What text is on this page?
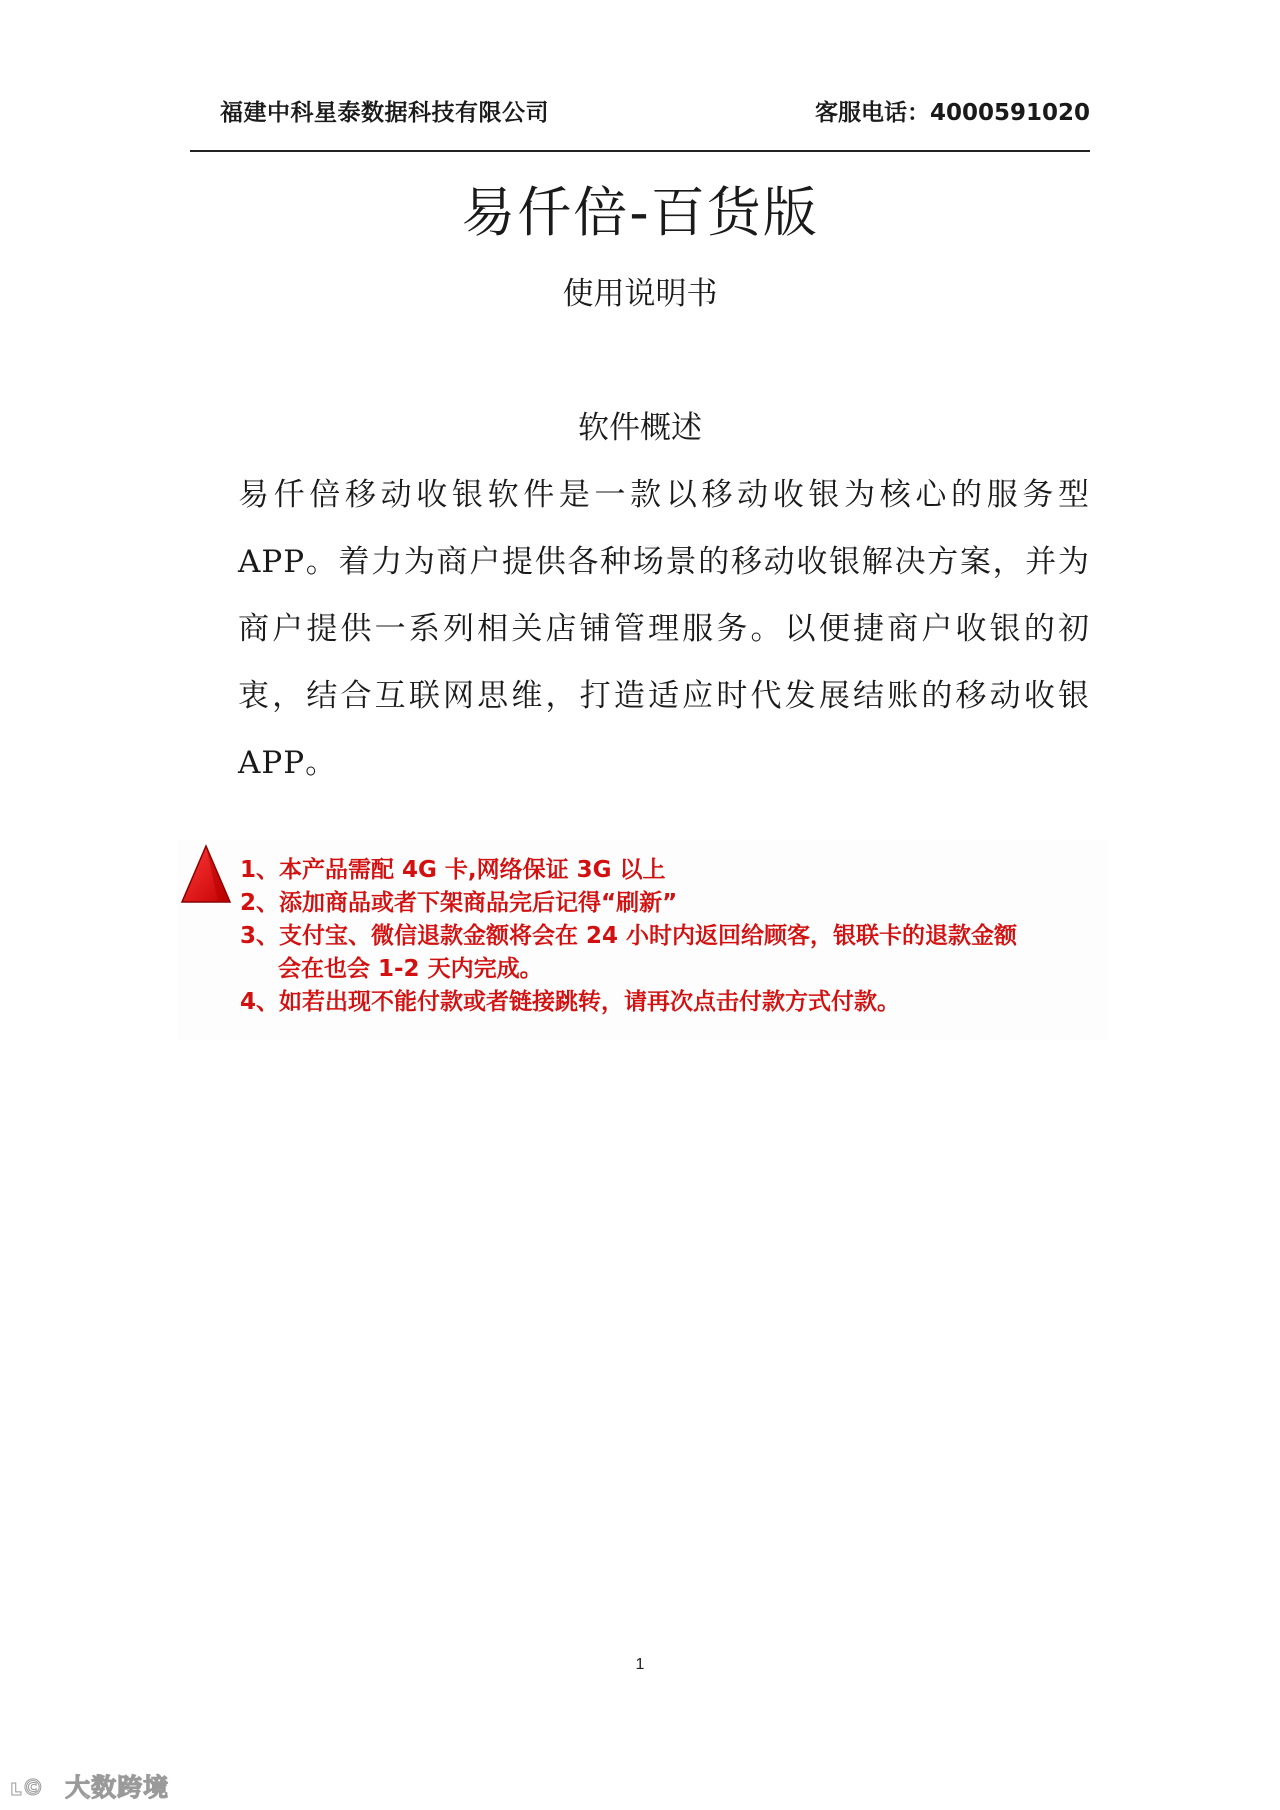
福建中科星泰数据科技有限公司	客服电话：4000591020
易仟倍-百货版
使用说明书
软件概述
易仟倍移动收银软件是一款以移动收银为核心的服务型APP。着力为商户提供各种场景的移动收银解决方案，并为商户提供一系列相关店铺管理服务。以便捷商户收银的初衷，结合互联网思维，打造适应时代发展结账的移动收银 APP。
1、本产品需配 4G 卡,网络保证 3G 以上
2、添加商品或者下架商品完后记得“刷新”
3、支付宝、微信退款金额将会在 24 小时内返回给顾客，银联卡的退款金额
会在也会 1-2 天内完成。
4、如若出现不能付款或者链接跳转，请再次点击付款方式付款。
1
ʟ© 大数跨境
